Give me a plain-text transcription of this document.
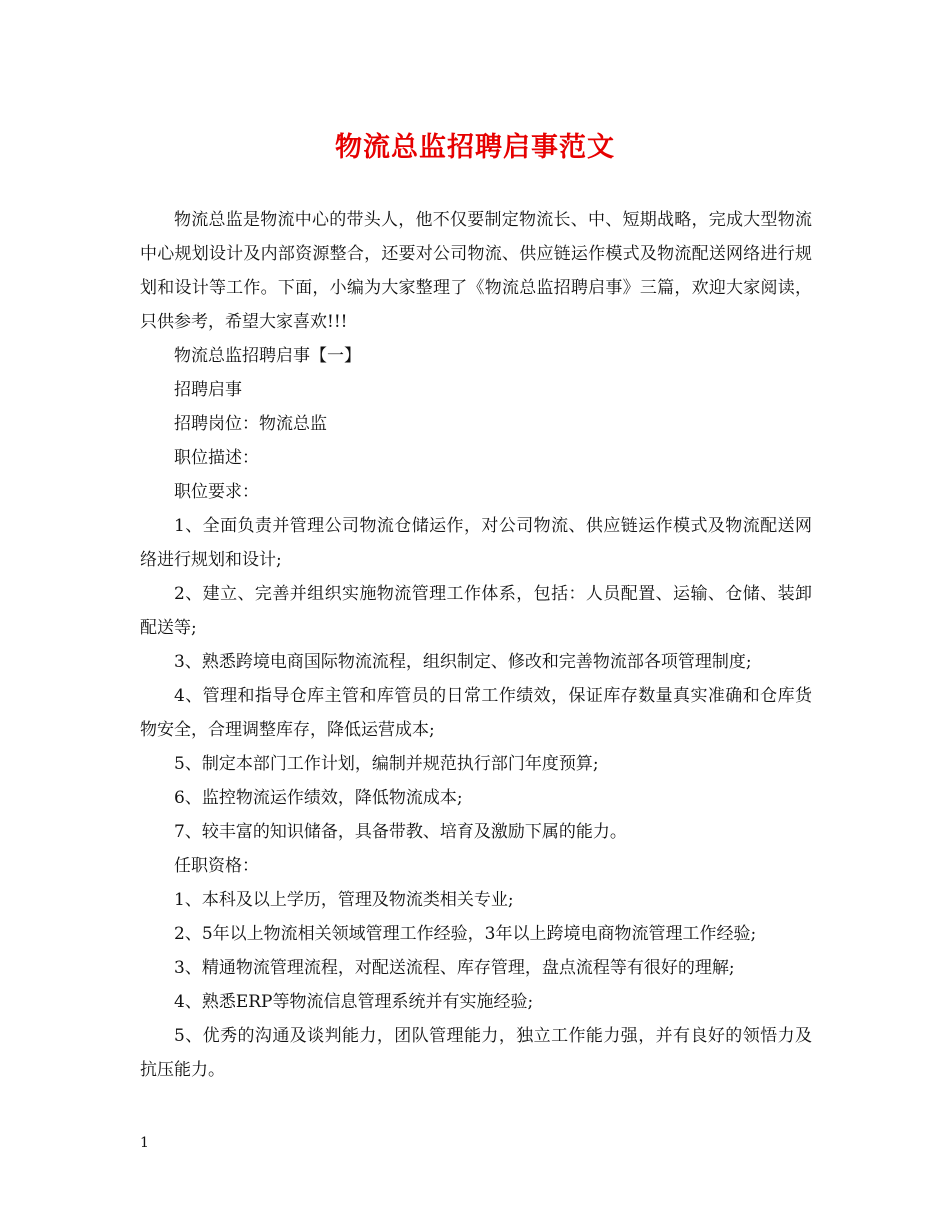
物流总监招聘启事范文

物流总监是物流中心的带头人，他不仅要制定物流长、中、短期战略，完成大型物流中心规划设计及内部资源整合，还要对公司物流、供应链运作模式及物流配送网络进行规划和设计等工作。下面，小编为大家整理了《物流总监招聘启事》三篇，欢迎大家阅读，只供参考，希望大家喜欢!!!

物流总监招聘启事【一】

招聘启事

招聘岗位：物流总监

职位描述：

职位要求：

1、全面负责并管理公司物流仓储运作，对公司物流、供应链运作模式及物流配送网络进行规划和设计;

2、建立、完善并组织实施物流管理工作体系，包括：人员配置、运输、仓储、装卸配送等;

3、熟悉跨境电商国际物流流程，组织制定、修改和完善物流部各项管理制度;

4、管理和指导仓库主管和库管员的日常工作绩效，保证库存数量真实准确和仓库货物安全，合理调整库存，降低运营成本;

5、制定本部门工作计划，编制并规范执行部门年度预算;

6、监控物流运作绩效，降低物流成本;

7、较丰富的知识储备，具备带教、培育及激励下属的能力。

任职资格：

1、本科及以上学历，管理及物流类相关专业;

2、5年以上物流相关领域管理工作经验，3年以上跨境电商物流管理工作经验;

3、精通物流管理流程，对配送流程、库存管理，盘点流程等有很好的理解;

4、熟悉ERP等物流信息管理系统并有实施经验;

5、优秀的沟通及谈判能力，团队管理能力，独立工作能力强，并有良好的领悟力及抗压能力。

1
